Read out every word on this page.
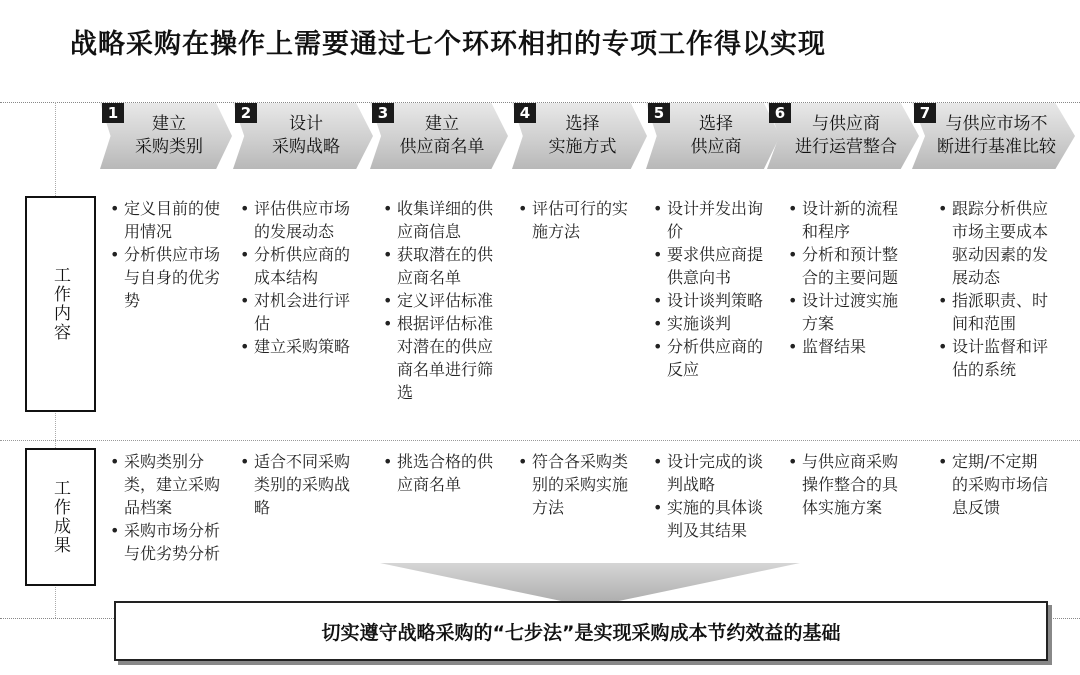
战略采购在操作上需要通过七个环环相扣的专项工作得以实现
建立
采购类别
1
设计
采购战略
2
建立
供应商名单
3
选择
实施方式
4
选择
供应商
5
与供应商
进行运营整合
6
与供应市场不
断进行基准比较
7
工作内容
工作成果
• 定义目前的使用情况
• 分析供应市场与自身的优劣势
• 评估供应市场的发展动态
• 分析供应商的成本结构
• 对机会进行评估
• 建立采购策略
• 收集详细的供应商信息
• 获取潜在的供应商名单
• 定义评估标准
• 根据评估标准对潜在的供应商名单进行筛选
• 评估可行的实施方法
• 设计并发出询价
• 要求供应商提供意向书
• 设计谈判策略
• 实施谈判
• 分析供应商的反应
• 设计新的流程和程序
• 分析和预计整合的主要问题
• 设计过渡实施方案
• 监督结果
• 跟踪分析供应市场主要成本驱动因素的发展动态
• 指派职责、时间和范围
• 设计监督和评估的系统
• 采购类别分类，建立采购品档案
• 采购市场分析与优劣势分析
• 适合不同采购类别的采购战略
• 挑选合格的供应商名单
• 符合各采购类别的采购实施方法
• 设计完成的谈判战略
• 实施的具体谈判及其结果
• 与供应商采购操作整合的具体实施方案
• 定期/不定期的采购市场信息反馈
切实遵守战略采购的“七步法”是实现采购成本节约效益的基础
